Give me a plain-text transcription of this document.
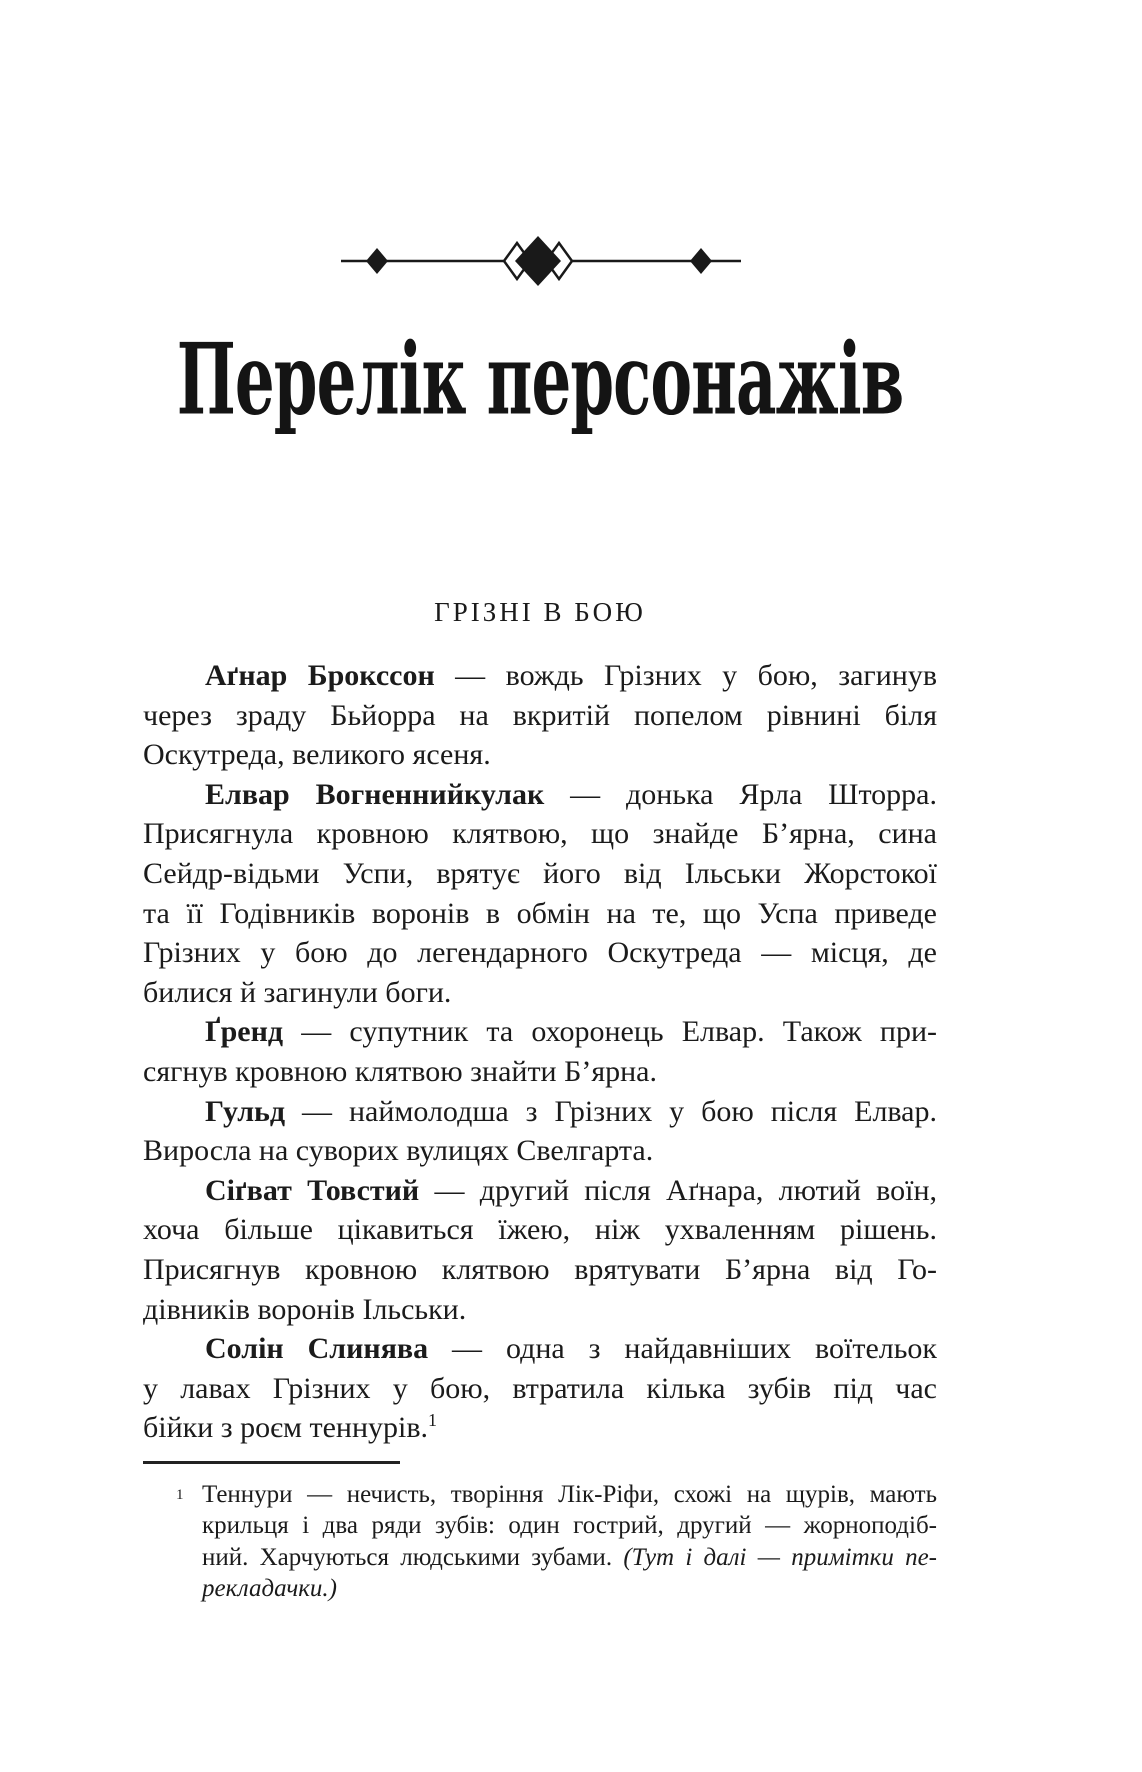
Перелік персонажів
ГРІЗНІ В БОЮ
Аґнар Брокссон — вождь Грізних у бою, загинув
через зраду Бьйорра на вкритій попелом рівнині біля
Оскутреда, великого ясеня.
Елвар Вогненнийкулак — донька Ярла Шторра.
Присягнула кровною клятвою, що знайде Б’ярна, сина
Сейдр-відьми Успи, врятує його від Ільськи Жорстокої
та її Годівників воронів в обмін на те, що Успа приведе
Грізних у бою до легендарного Оскутреда — місця, де
билися й загинули боги.
Ґренд — супутник та охоронець Елвар. Також при-
сягнув кровною клятвою знайти Б’ярна.
Гульд — наймолодша з Грізних у бою після Елвар.
Виросла на суворих вулицях Свелгарта.
Сіґват Товстий — другий після Аґнара, лютий воїн,
хоча більше цікавиться їжею, ніж ухваленням рішень.
Присягнув кровною клятвою врятувати Б’ярна від Го-
дівників воронів Ільськи.
Солін Слинява — одна з найдавніших воїтельок
у лавах Грізних у бою, втратила кілька зубів під час
бійки з роєм теннурів.$^1$
1 Теннури — нечисть, творіння Лік-Ріфи, схожі на щурів, мають
крильця і два ряди зубів: один гострий, другий — жорноподіб-
ний. Харчуються людськими зубами. (Тут і далі — примітки пе-
рекладачки.)
